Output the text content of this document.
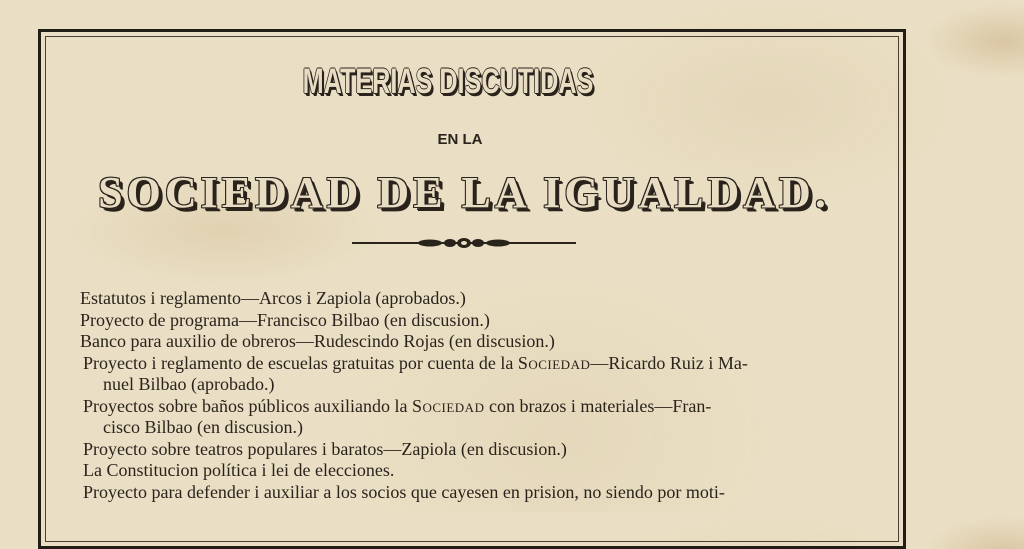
MATERIAS DISCUTIDAS
EN LA
SOCIEDAD DE LA IGUALDAD.
Estatutos i reglamento—Arcos i Zapiola (aprobados.)
Proyecto de programa—Francisco Bilbao (en discusion.)
Banco para auxilio de obreros—Rudescindo Rojas (en discusion.)
Proyecto i reglamento de escuelas gratuitas por cuenta de la Sociedad—Ricardo Ruiz i Ma-
nuel Bilbao (aprobado.)
Proyectos sobre baños públicos auxiliando la Sociedad con brazos i materiales—Fran-
cisco Bilbao (en discusion.)
Proyecto sobre teatros populares i baratos—Zapiola (en discusion.)
La Constitucion política i lei de elecciones.
Proyecto para defender i auxiliar a los socios que cayesen en prision, no siendo por moti-
